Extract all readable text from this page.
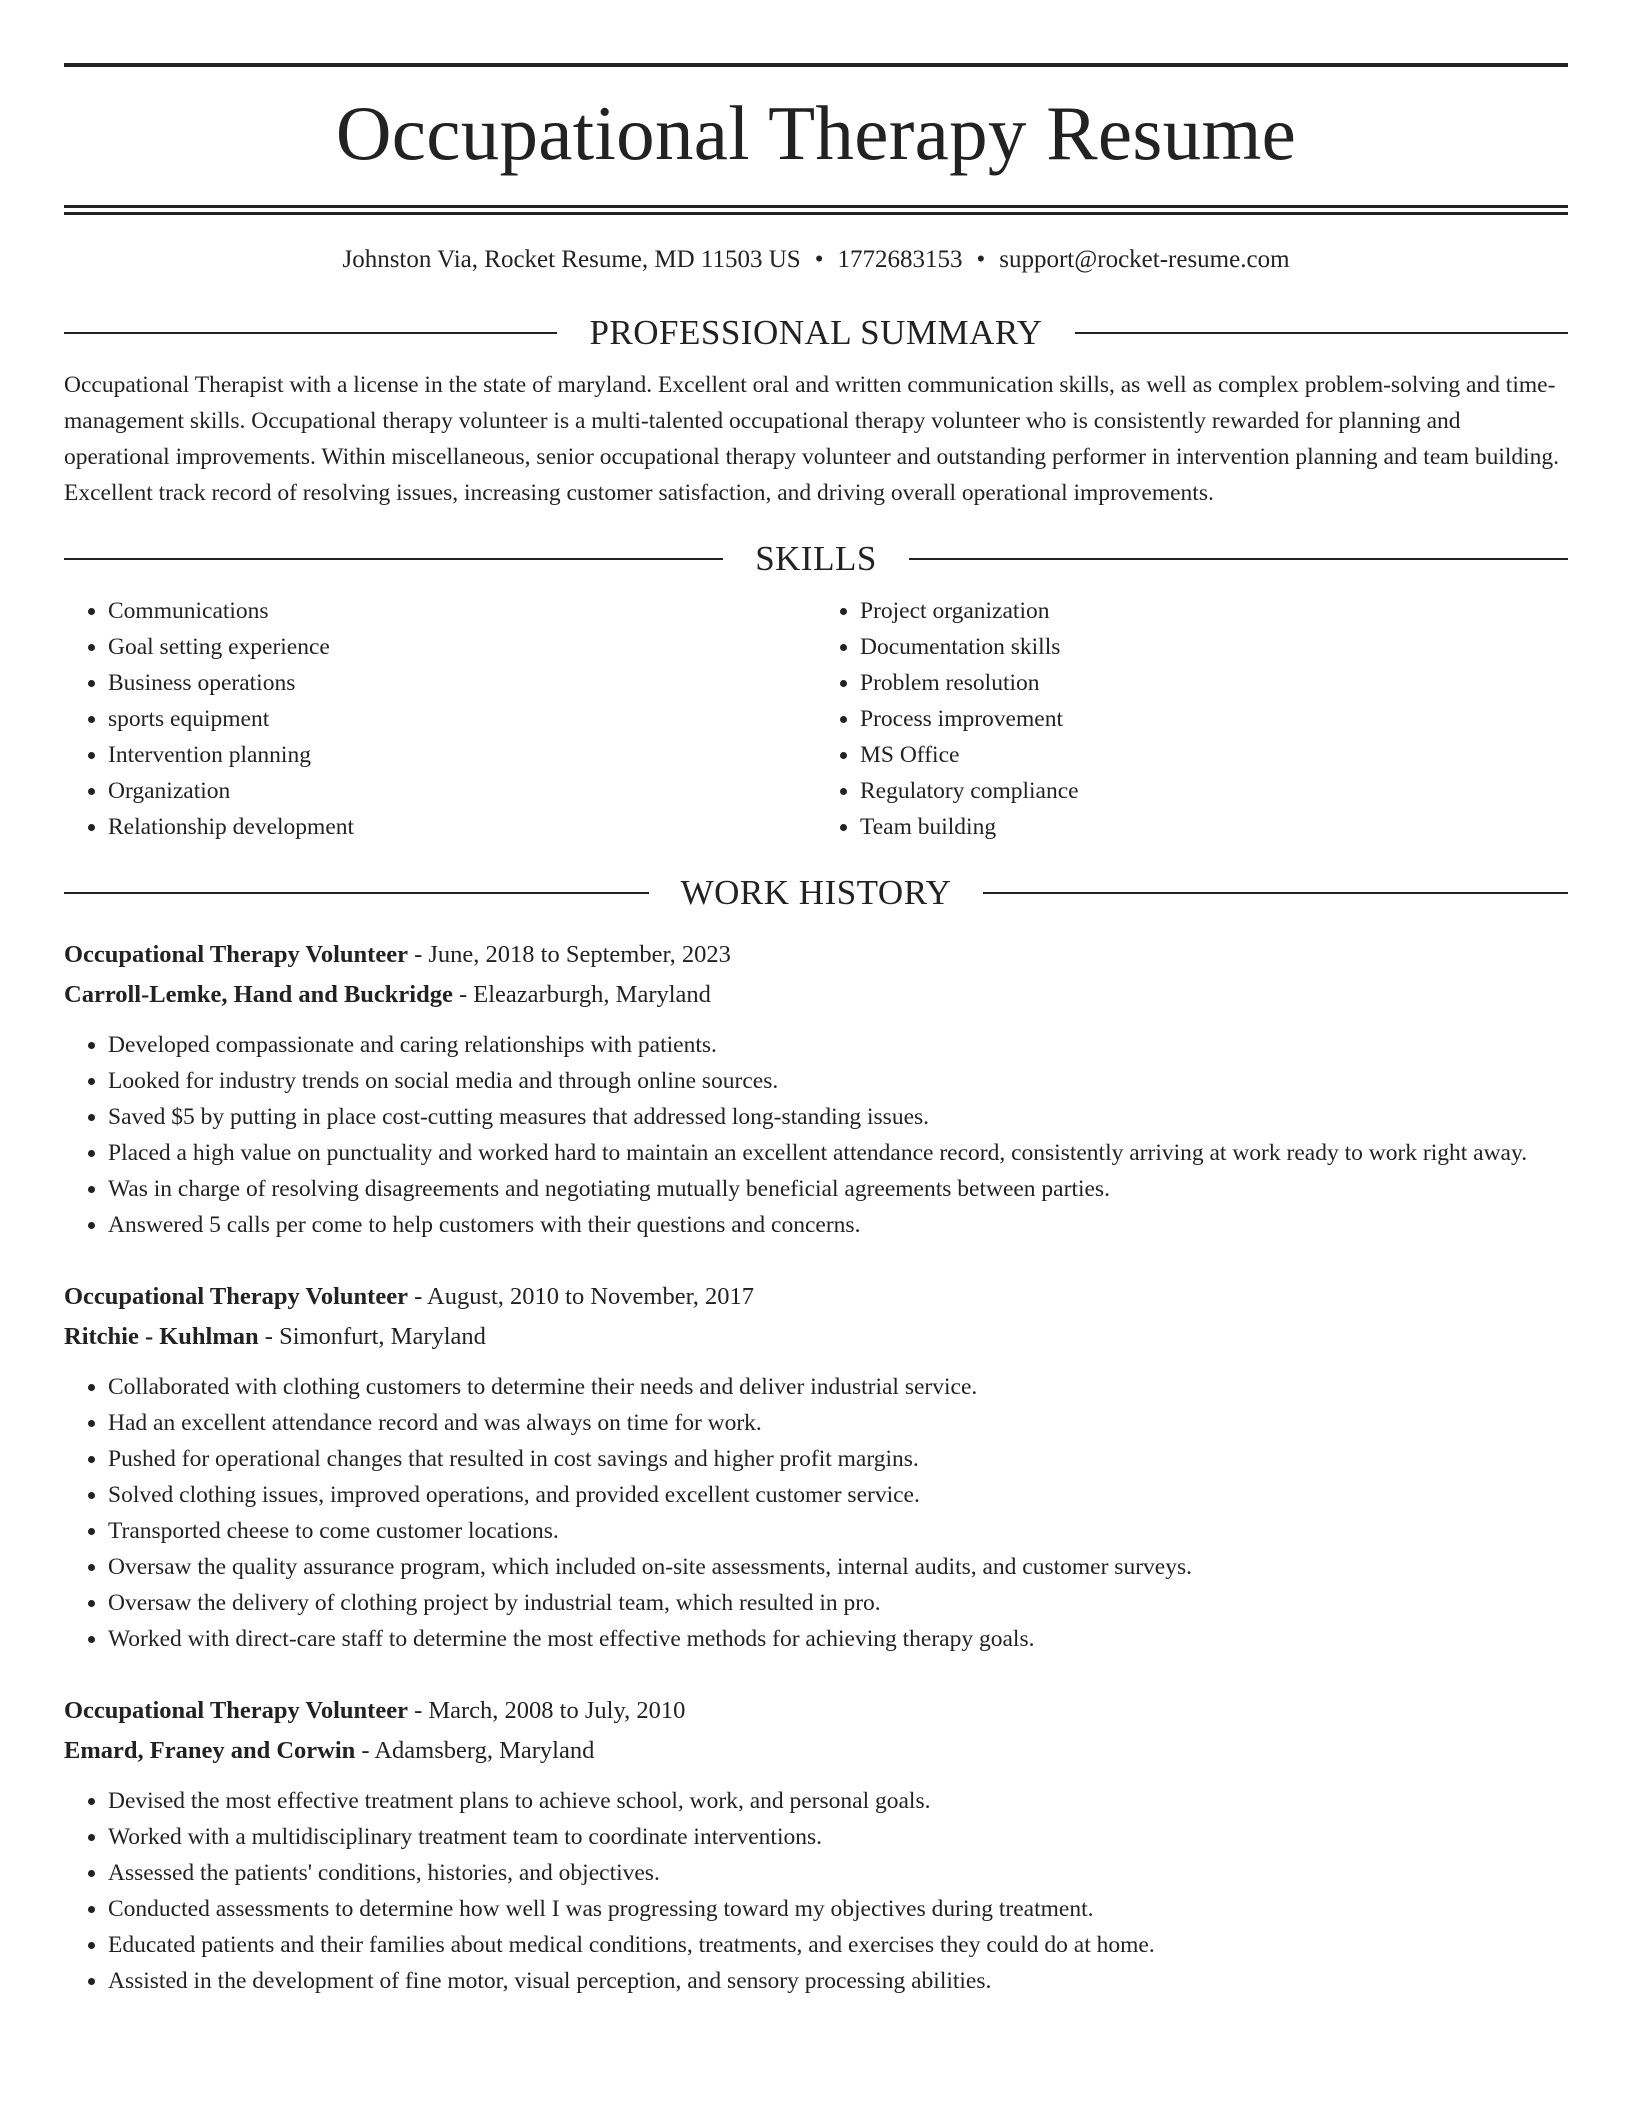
Occupational Therapy Resume
Johnston Via, Rocket Resume, MD 11503 US • 1772683153 • support@rocket-resume.com
PROFESSIONAL SUMMARY
Occupational Therapist with a license in the state of maryland. Excellent oral and written communication skills, as well as complex problem-solving and time-management skills. Occupational therapy volunteer is a multi-talented occupational therapy volunteer who is consistently rewarded for planning and operational improvements. Within miscellaneous, senior occupational therapy volunteer and outstanding performer in intervention planning and team building. Excellent track record of resolving issues, increasing customer satisfaction, and driving overall operational improvements.
SKILLS
• Communications
• Goal setting experience
• Business operations
• sports equipment
• Intervention planning
• Organization
• Relationship development
• Project organization
• Documentation skills
• Problem resolution
• Process improvement
• MS Office
• Regulatory compliance
• Team building
WORK HISTORY
Occupational Therapy Volunteer - June, 2018 to September, 2023
Carroll-Lemke, Hand and Buckridge - Eleazarburgh, Maryland
• Developed compassionate and caring relationships with patients.
• Looked for industry trends on social media and through online sources.
• Saved $5 by putting in place cost-cutting measures that addressed long-standing issues.
• Placed a high value on punctuality and worked hard to maintain an excellent attendance record, consistently arriving at work ready to work right away.
• Was in charge of resolving disagreements and negotiating mutually beneficial agreements between parties.
• Answered 5 calls per come to help customers with their questions and concerns.
Occupational Therapy Volunteer - August, 2010 to November, 2017
Ritchie - Kuhlman - Simonfurt, Maryland
• Collaborated with clothing customers to determine their needs and deliver industrial service.
• Had an excellent attendance record and was always on time for work.
• Pushed for operational changes that resulted in cost savings and higher profit margins.
• Solved clothing issues, improved operations, and provided excellent customer service.
• Transported cheese to come customer locations.
• Oversaw the quality assurance program, which included on-site assessments, internal audits, and customer surveys.
• Oversaw the delivery of clothing project by industrial team, which resulted in pro.
• Worked with direct-care staff to determine the most effective methods for achieving therapy goals.
Occupational Therapy Volunteer - March, 2008 to July, 2010
Emard, Franey and Corwin - Adamsberg, Maryland
• Devised the most effective treatment plans to achieve school, work, and personal goals.
• Worked with a multidisciplinary treatment team to coordinate interventions.
• Assessed the patients' conditions, histories, and objectives.
• Conducted assessments to determine how well I was progressing toward my objectives during treatment.
• Educated patients and their families about medical conditions, treatments, and exercises they could do at home.
• Assisted in the development of fine motor, visual perception, and sensory processing abilities.
